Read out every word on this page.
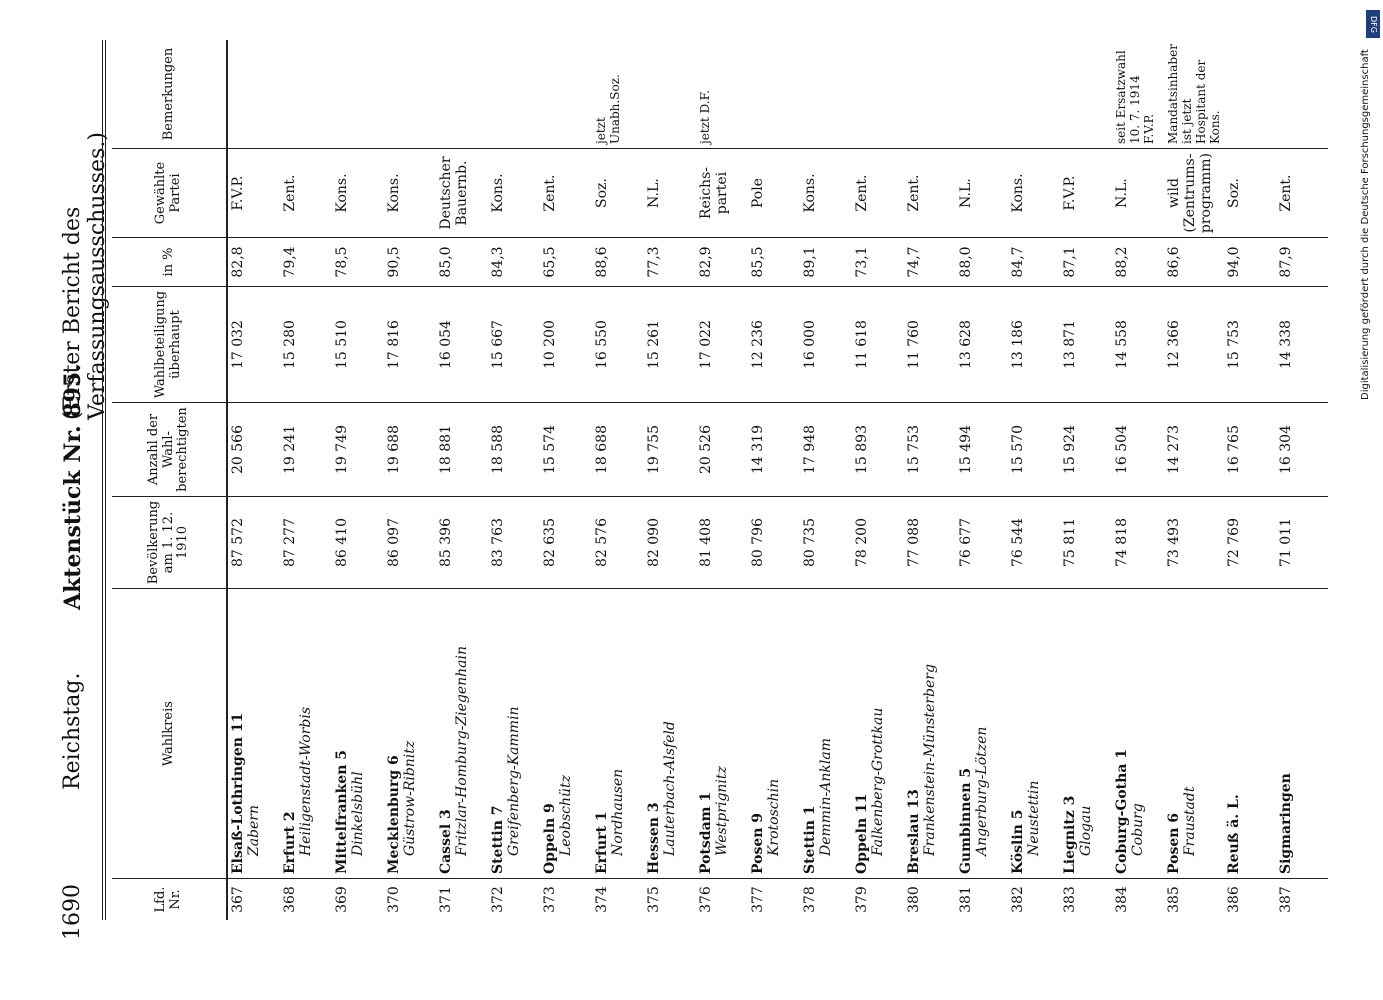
1690
Reichstag.
Aktenstück Nr. 895.
(Erster Bericht des Verfassungsausschusses.)
Lfd. Nr.	Wahlkreis	Bevölkerung am 1. 12. 1910	Anzahl der Wahl-berechtigten	Wahlbeteiligung
überhaupt	in %	Gewählte Partei	Bemerkungen
367	Elsaß-Lothringen 11 Zabern	87 572	20 566	17 032	82,8	F.V.P.	
368	Erfurt 2 Heiligenstadt-Worbis	87 277	19 241	15 280	79,4	Zent.	
369	Mittelfranken 5 Dinkelsbühl	86 410	19 749	15 510	78,5	Kons.	
370	Mecklenburg 6 Güstrow-Ribnitz	86 097	19 688	17 816	90,5	Kons.	
371	Cassel 3 Fritzlar-Homburg-Ziegenhain	85 396	18 881	16 054	85,0	Deutscher Bauernb.	
372	Stettin 7 Greifenberg-Kammin	83 763	18 588	15 667	84,3	Kons.	
373	Oppeln 9 Leobschütz	82 635	15 574	10 200	65,5	Zent.	
374	Erfurt 1 Nordhausen	82 576	18 688	16 550	88,6	Soz.	jetzt Unabh.Soz.
375	Hessen 3 Lauterbach-Alsfeld	82 090	19 755	15 261	77,3	N.L.	
376	Potsdam 1 Westprignitz	81 408	20 526	17 022	82,9	Reichs-partei	jetzt D.F.
377	Posen 9 Krotoschin	80 796	14 319	12 236	85,5	Pole	
378	Stettin 1 Demmin-Anklam	80 735	17 948	16 000	89,1	Kons.	
379	Oppeln 11 Falkenberg-Grottkau	78 200	15 893	11 618	73,1	Zent.	
380	Breslau 13 Frankenstein-Münsterberg	77 088	15 753	11 760	74,7	Zent.	
381	Gumbinnen 5 Angerburg-Lötzen	76 677	15 494	13 628	88,0	N.L.	
382	Köslin 5 Neustettin	76 544	15 570	13 186	84,7	Kons.	
383	Liegnitz 3 Glogau	75 811	15 924	13 871	87,1	F.V.P.	
384	Coburg-Gotha 1 Coburg	74 818	16 504	14 558	88,2	N.L.	seit Ersatzwahl 10. 7. 1914 F.V.P.
385	Posen 6 Fraustadt	73 493	14 273	12 366	86,6	wild (Zentrums-programm)	Mandatsinhaber ist jetzt Hospitant der Kons.
386	Reuß ä. L.	72 769	16 765	15 753	94,0	Soz.	
387	Sigmaringen	71 011	16 304	14 338	87,9	Zent.	
DFG
Digitalisierung gefördert durch die Deutsche Forschungsgemeinschaft
